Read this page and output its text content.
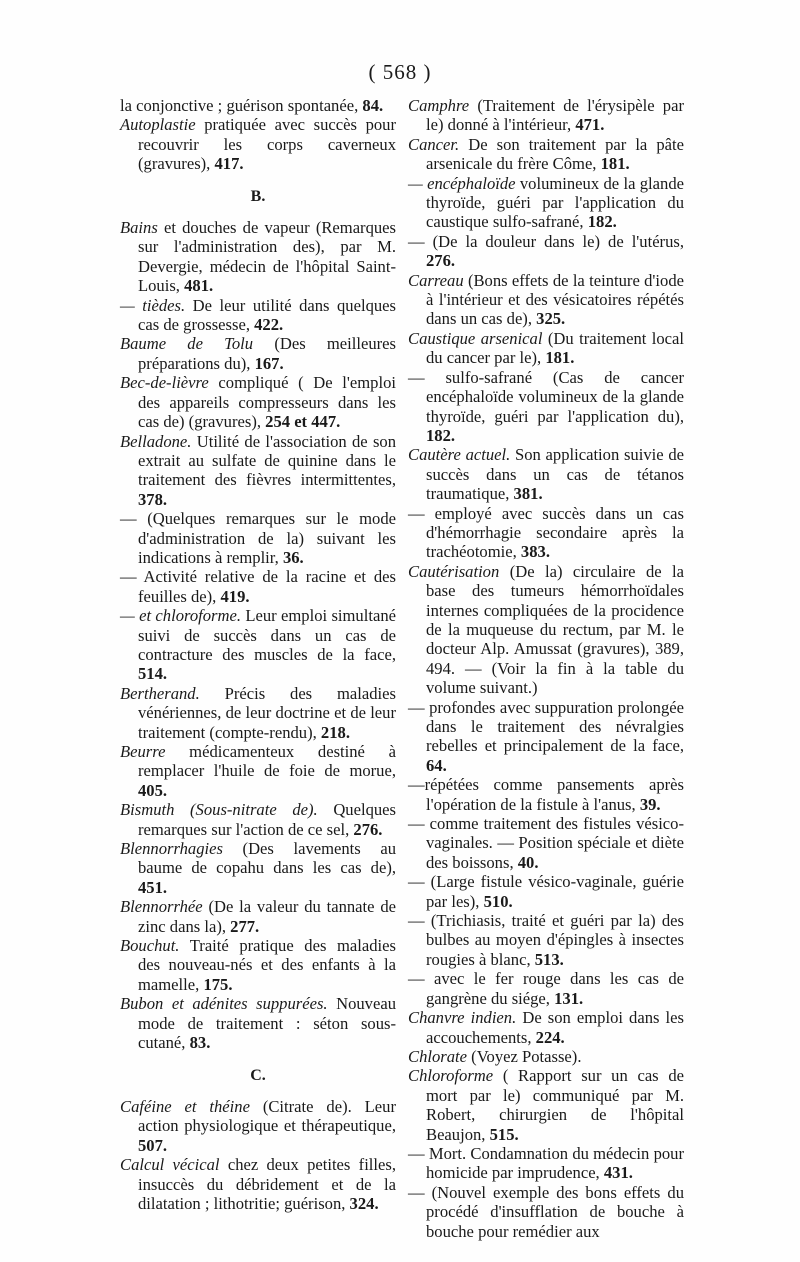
( 568 )

la conjonctive ; guérison spontanée, 84.

Autoplastie pratiquée avec succès pour recouvrir les corps caverneux (gravures), 417.

B.

Bains et douches de vapeur (Remarques sur l'administration des), par M. Devergie, médecin de l'hôpital Saint-Louis, 481.

— tièdes. De leur utilité dans quelques cas de grossesse, 422.

Baume de Tolu (Des meilleures préparations du), 167.

Bec-de-lièvre compliqué ( De l'emploi des appareils compresseurs dans les cas de) (gravures), 254 et 447.

Belladone. Utilité de l'association de son extrait au sulfate de quinine dans le traitement des fièvres intermittentes, 378.

— (Quelques remarques sur le mode d'administration de la) suivant les indications à remplir, 36.

— Activité relative de la racine et des feuilles de), 419.

— et chloroforme. Leur emploi simultané suivi de succès dans un cas de contracture des muscles de la face, 514.

Bertherand. Précis des maladies vénériennes, de leur doctrine et de leur traitement (compte-rendu), 218.

Beurre médicamenteux destiné à remplacer l'huile de foie de morue, 405.

Bismuth (Sous-nitrate de). Quelques remarques sur l'action de ce sel, 276.

Blennorrhagies (Des lavements au baume de copahu dans les cas de), 451.

Blennorrhée (De la valeur du tannate de zinc dans la), 277.

Bouchut. Traité pratique des maladies des nouveau-nés et des enfants à la mamelle, 175.

Bubon et adénites suppurées. Nouveau mode de traitement : séton sous-cutané, 83.

C.

Caféine et théine (Citrate de). Leur action physiologique et thérapeutique, 507.

Calcul vécical chez deux petites filles, insuccès du débridement et de la dilatation ; lithotritie; guérison, 324.

Camphre (Traitement de l'érysipèle par le) donné à l'intérieur, 471.

Cancer. De son traitement par la pâte arsenicale du frère Côme, 181.

— encéphaloïde volumineux de la glande thyroïde, guéri par l'application du caustique sulfo-safrané, 182.

— (De la douleur dans le) de l'utérus, 276.

Carreau (Bons effets de la teinture d'iode à l'intérieur et des vésicatoires répétés dans un cas de), 325.

Caustique arsenical (Du traitement local du cancer par le), 181.

— sulfo-safrané (Cas de cancer encéphaloïde volumineux de la glande thyroïde, guéri par l'application du), 182.

Cautère actuel. Son application suivie de succès dans un cas de tétanos traumatique, 381.

— employé avec succès dans un cas d'hémorrhagie secondaire après la trachéotomie, 383.

Cautérisation (De la) circulaire de la base des tumeurs hémorrhoïdales internes compliquées de la procidence de la muqueuse du rectum, par M. le docteur Alp. Amussat (gravures), 389, 494. — (Voir la fin à la table du volume suivant.)

— profondes avec suppuration prolongée dans le traitement des névralgies rebelles et principalement de la face, 64.

—répétées comme pansements après l'opération de la fistule à l'anus, 39.

— comme traitement des fistules vésico-vaginales. — Position spéciale et diète des boissons, 40.

— (Large fistule vésico-vaginale, guérie par les), 510.

— (Trichiasis, traité et guéri par la) des bulbes au moyen d'épingles à insectes rougies à blanc, 513.

— avec le fer rouge dans les cas de gangrène du siége, 131.

Chanvre indien. De son emploi dans les accouchements, 224.

Chlorate (Voyez Potasse).

Chloroforme ( Rapport sur un cas de mort par le) communiqué par M. Robert, chirurgien de l'hôpital Beaujon, 515.

— Mort. Condamnation du médecin pour homicide par imprudence, 431.

— (Nouvel exemple des bons effets du procédé d'insufflation de bouche à bouche pour remédier aux
